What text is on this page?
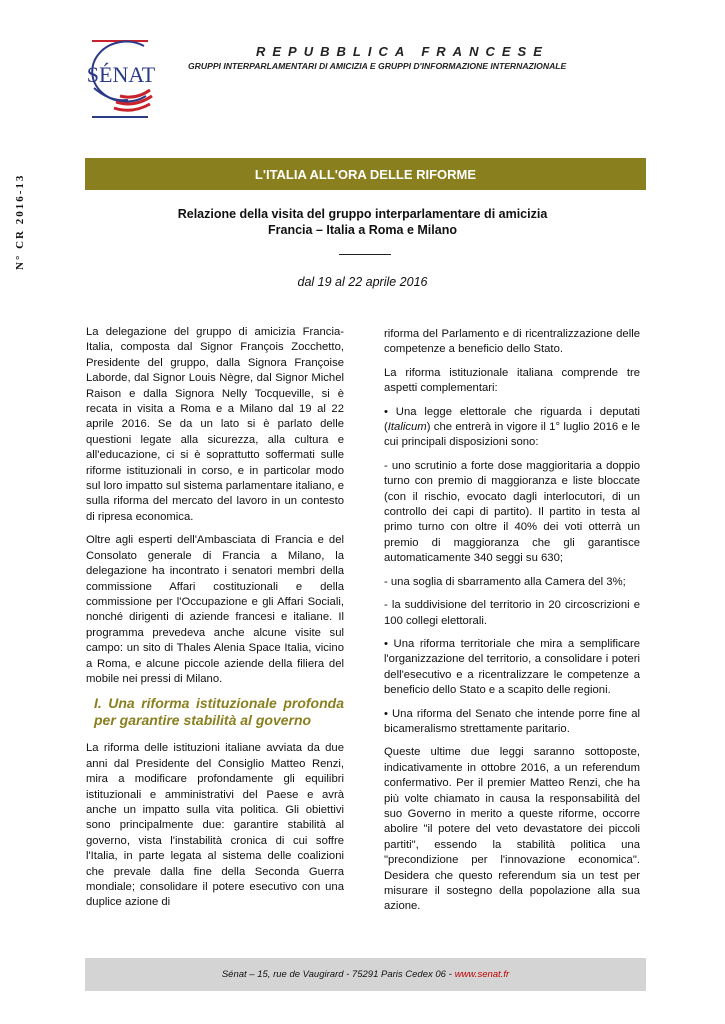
N° CR 2016-13
SÉNAT
REPUBBLICA FRANCESE
GRUPPI INTERPARLAMENTARI DI AMICIZIA E GRUPPI D'INFORMAZIONE INTERNAZIONALE
L'ITALIA ALL'ORA DELLE RIFORME
Relazione della visita del gruppo interparlamentare di amicizia
Francia – Italia a Roma e Milano
dal 19 al 22 aprile 2016

La delegazione del gruppo di amicizia Francia-Italia, composta dal Signor François Zocchetto, Presidente del gruppo, dalla Signora Françoise Laborde, dal Signor Louis Nègre, dal Signor Michel Raison e dalla Signora Nelly Tocqueville, si è recata in visita a Roma e a Milano dal 19 al 22 aprile 2016. Se da un lato si è parlato delle questioni legate alla sicurezza, alla cultura e all'educazione, ci si è soprattutto soffermati sulle riforme istituzionali in corso, e in particolar modo sul loro impatto sul sistema parlamentare italiano, e sulla riforma del mercato del lavoro in un contesto di ripresa economica.

Oltre agli esperti dell'Ambasciata di Francia e del Consolato generale di Francia a Milano, la delegazione ha incontrato i senatori membri della commissione Affari costituzionali e della commissione per l'Occupazione e gli Affari Sociali, nonché dirigenti di aziende francesi e italiane. Il programma prevedeva anche alcune visite sul campo: un sito di Thales Alenia Space Italia, vicino a Roma, e alcune piccole aziende della filiera del mobile nei pressi di Milano.

I. Una riforma istituzionale profonda per garantire stabilità al governo

La riforma delle istituzioni italiane avviata da due anni dal Presidente del Consiglio Matteo Renzi, mira a modificare profondamente gli equilibri istituzionali e amministrativi del Paese e avrà anche un impatto sulla vita politica. Gli obiettivi sono principalmente due: garantire stabilità al governo, vista l'instabilità cronica di cui soffre l'Italia, in parte legata al sistema delle coalizioni che prevale dalla fine della Seconda Guerra mondiale; consolidare il potere esecutivo con una duplice azione di

riforma del Parlamento e di ricentralizzazione delle competenze a beneficio dello Stato.

La riforma istituzionale italiana comprende tre aspetti complementari:

• Una legge elettorale che riguarda i deputati (Italicum) che entrerà in vigore il 1° luglio 2016 e le cui principali disposizioni sono:

- uno scrutinio a forte dose maggioritaria a doppio turno con premio di maggioranza e liste bloccate (con il rischio, evocato dagli interlocutori, di un controllo dei capi di partito). Il partito in testa al primo turno con oltre il 40% dei voti otterrà un premio di maggioranza che gli garantisce automaticamente 340 seggi su 630;

- una soglia di sbarramento alla Camera del 3%;

- la suddivisione del territorio in 20 circoscrizioni e 100 collegi elettorali.

• Una riforma territoriale che mira a semplificare l'organizzazione del territorio, a consolidare i poteri dell'esecutivo e a ricentralizzare le competenze a beneficio dello Stato e a scapito delle regioni.

• Una riforma del Senato che intende porre fine al bicameralismo strettamente paritario.

Queste ultime due leggi saranno sottoposte, indicativamente in ottobre 2016, a un referendum confermativo. Per il premier Matteo Renzi, che ha più volte chiamato in causa la responsabilità del suo Governo in merito a queste riforme, occorre abolire "il potere del veto devastatore dei piccoli partiti", essendo la stabilità politica una "precondizione per l'innovazione economica". Desidera che questo referendum sia un test per misurare il sostegno della popolazione alla sua azione.

Sénat – 15, rue de Vaugirard - 75291 Paris Cedex 06 - www.senat.fr
